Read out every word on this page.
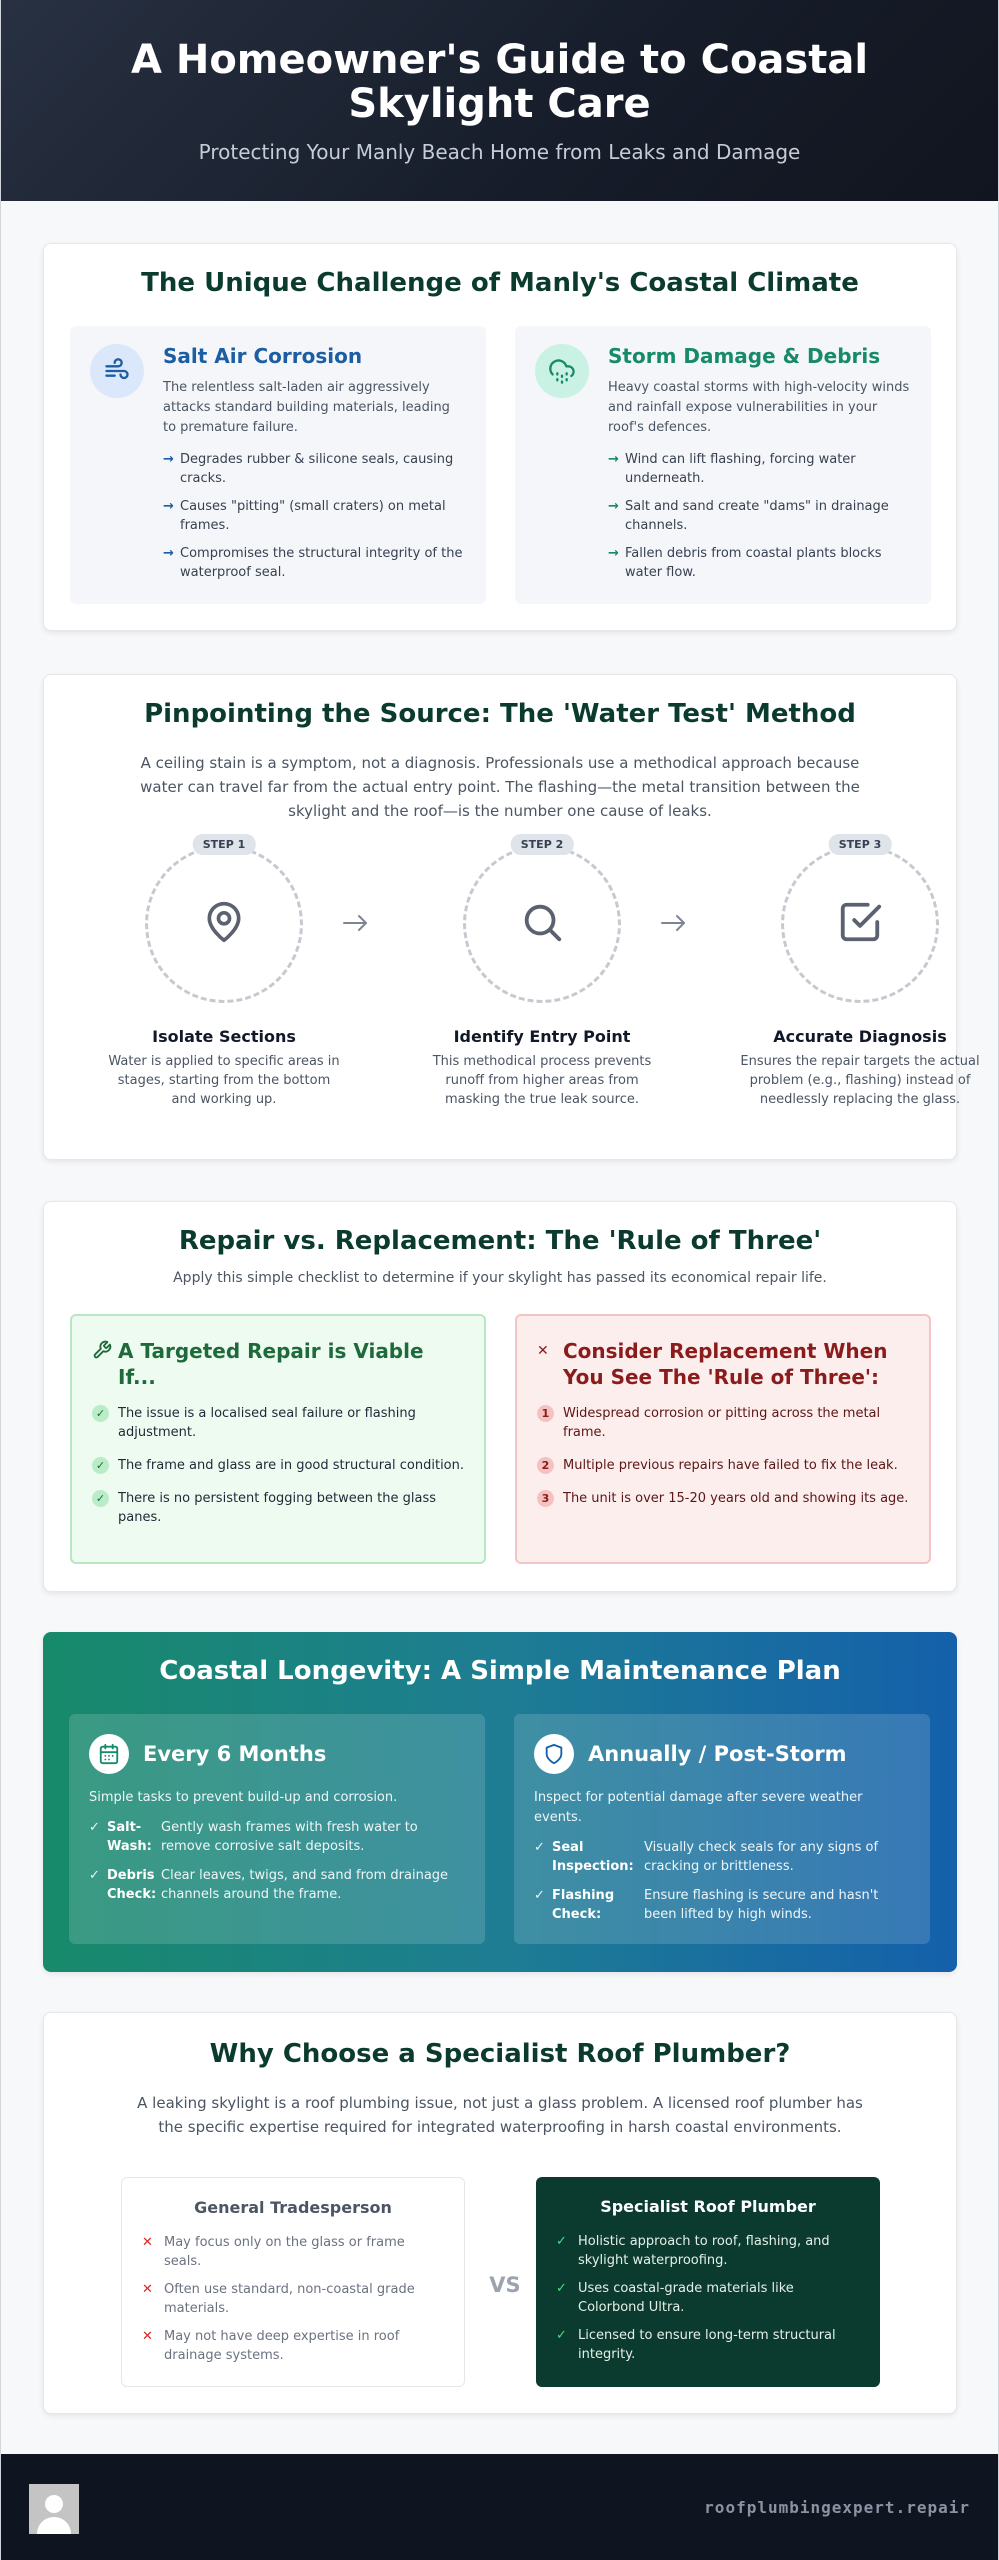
A Homeowner's Guide to Coastal Skylight Care
Protecting Your Manly Beach Home from Leaks and Damage
The Unique Challenge of Manly's Coastal Climate
Salt Air Corrosion

The relentless salt-laden air aggressively attacks standard building materials, leading to premature failure.

→ Degrades rubber & silicone seals, causing cracks.
→ Causes "pitting" (small craters) on metal frames.
→ Compromises the structural integrity of the waterproof seal.
Storm Damage & Debris

Heavy coastal storms with high-velocity winds and rainfall expose vulnerabilities in your roof's defences.

→ Wind can lift flashing, forcing water underneath.
→ Salt and sand create "dams" in drainage channels.
→ Fallen debris from coastal plants blocks water flow.
Pinpointing the Source: The 'Water Test' Method

A ceiling stain is a symptom, not a diagnosis. Professionals use a methodical approach because water can travel far from the actual entry point. The flashing—the metal transition between the skylight and the roof—is the number one cause of leaks.

STEP 1
Isolate Sections

Water is applied to specific areas in stages, starting from the bottom and working up.

STEP 2
Identify Entry Point

This methodical process prevents runoff from higher areas from masking the true leak source.

STEP 3
Accurate Diagnosis

Ensures the repair targets the actual problem (e.g., flashing) instead of needlessly replacing the glass.

Repair vs. Replacement: The 'Rule of Three'

Apply this simple checklist to determine if your skylight has passed its economical repair life.

A Targeted Repair is Viable If...
✓ The issue is a localised seal failure or flashing adjustment.
✓ The frame and glass are in good structural condition.
✓ There is no persistent fogging between the glass panes.
✕ Consider Replacement When You See The 'Rule of Three':
1	Widespread corrosion or pitting across the metal frame.
2	Multiple previous repairs have failed to fix the leak.
3	The unit is over 15-20 years old and showing its age.
Coastal Longevity: A Simple Maintenance Plan
Every 6 Months

Simple tasks to prevent build-up and corrosion.

✓ Salt-Wash:
Gently wash frames with fresh water to remove corrosive salt deposits.
✓ Debris Check:
Clear leaves, twigs, and sand from drainage channels around the frame.
Annually / Post-Storm

Inspect for potential damage after severe weather events.

✓ Seal Inspection:
Visually check seals for any signs of cracking or brittleness.
✓ Flashing Check:
Ensure flashing is secure and hasn't been lifted by high winds.
Why Choose a Specialist Roof Plumber?

A leaking skylight is a roof plumbing issue, not just a glass problem. A licensed roof plumber has the specific expertise required for integrated waterproofing in harsh coastal environments.

General Tradesperson
✕ May focus only on the glass or frame seals.
✕ Often use standard, non-coastal grade materials.
✕ May not have deep expertise in roof drainage systems.
VS
Specialist Roof Plumber
✓ Holistic approach to roof, flashing, and skylight waterproofing.
✓ Uses coastal-grade materials like Colorbond Ultra.
✓ Licensed to ensure long-term structural integrity.
roofplumbingexpert.repair
